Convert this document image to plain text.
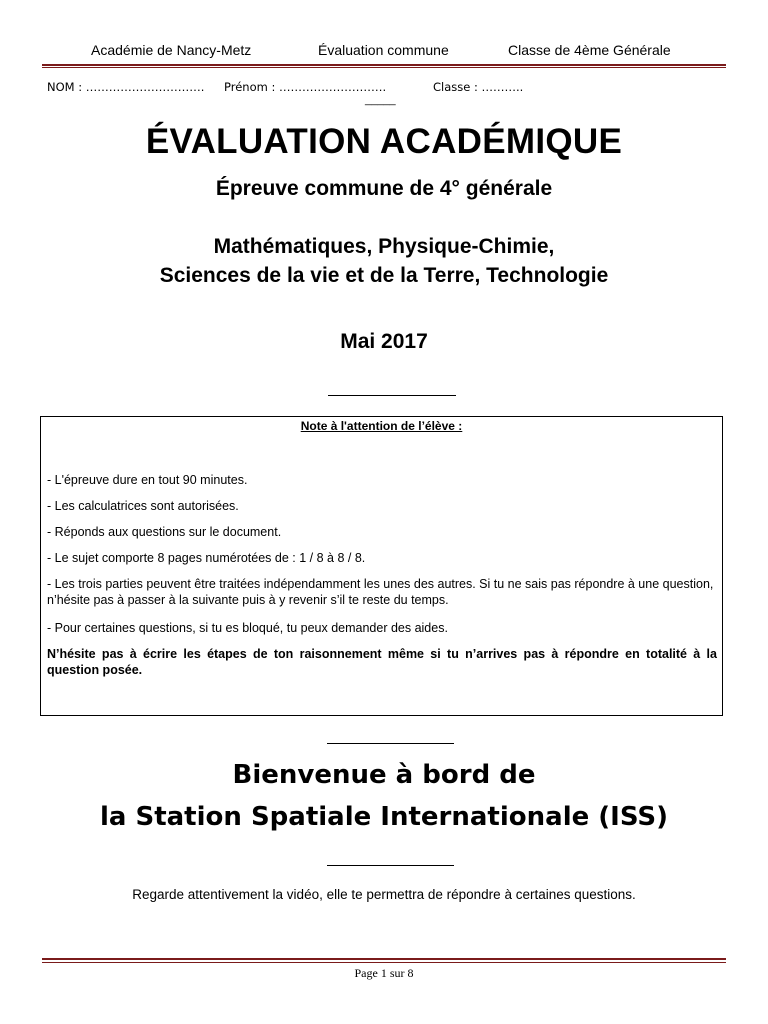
Académie de Nancy-Metz	Évaluation commune	Classe de 4ème Générale
NOM : …………………………. Prénom : ……………………….	Classe : ………..
_____
ÉVALUATION ACADÉMIQUE
Épreuve commune de 4° générale
Mathématiques, Physique-Chimie,
Sciences de la vie et de la Terre, Technologie
Mai 2017
Note à l'attention de l’élève :
- L'épreuve dure en tout 90 minutes.
- Les calculatrices sont autorisées.
- Réponds aux questions sur le document.
- Le sujet comporte 8 pages numérotées de : 1 / 8 à 8 / 8.
- Les trois parties peuvent être traitées indépendamment les unes des autres. Si tu ne sais pas répondre à une question, n’hésite pas à passer à la suivante puis à y revenir s’il te reste du temps.
- Pour certaines questions, si tu es bloqué, tu peux demander des aides.
N’hésite pas à écrire les étapes de ton raisonnement même si tu n’arrives pas à répondre en totalité à la question posée.
Bienvenue à bord de
la Station Spatiale Internationale (ISS)
Regarde attentivement la vidéo, elle te permettra de répondre à certaines questions.
Page 1 sur 8
